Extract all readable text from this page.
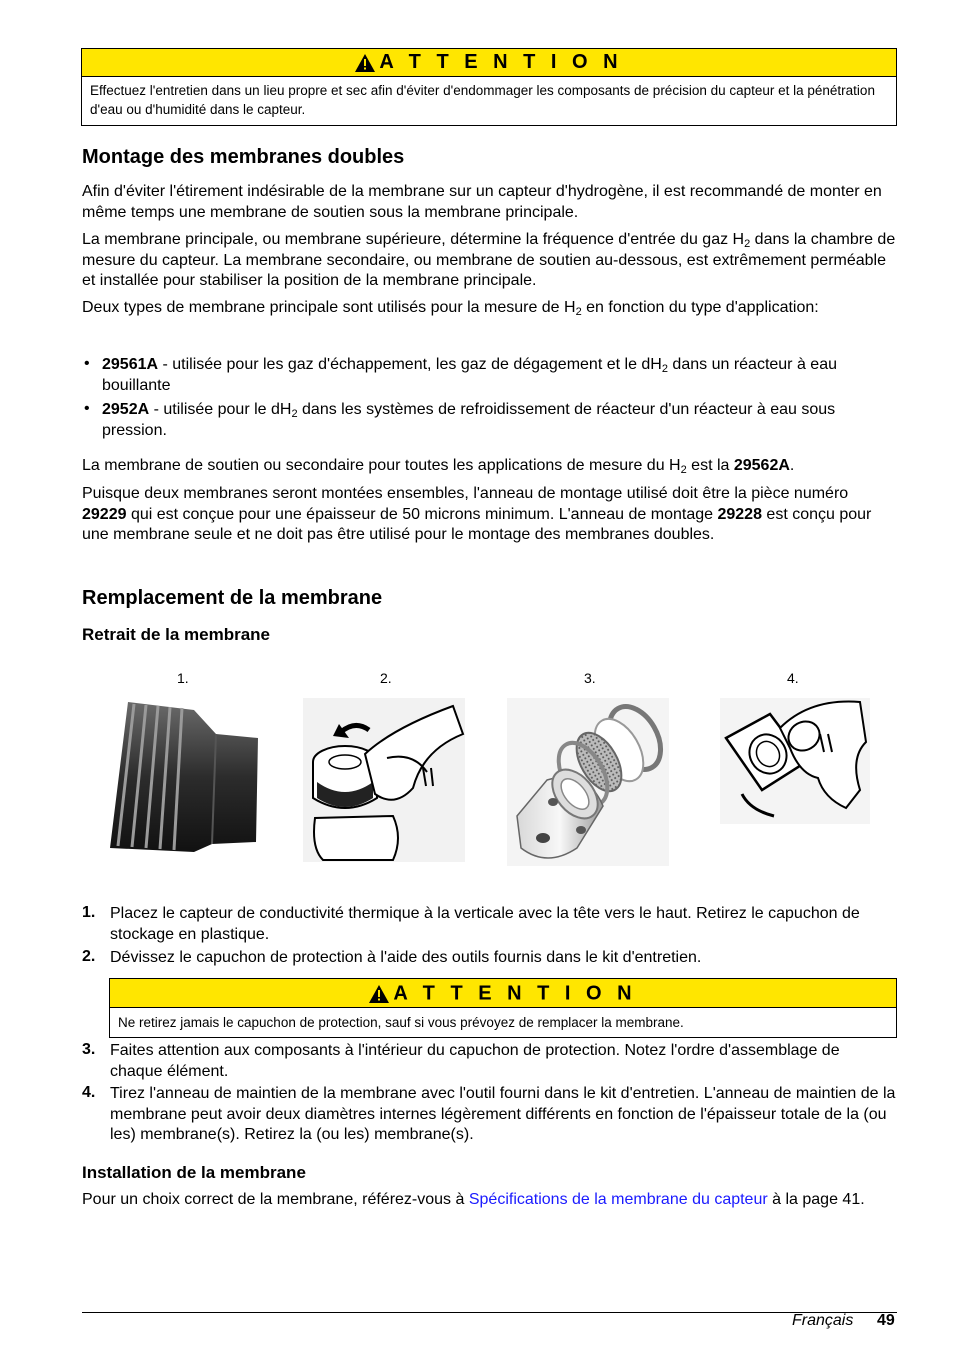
A T T E N T I O N
Effectuez l'entretien dans un lieu propre et sec afin d'éviter d'endommager les composants de précision du capteur et la pénétration d'eau ou d'humidité dans le capteur.
Montage des membranes doubles

Afin d'éviter l'étirement indésirable de la membrane sur un capteur d'hydrogène, il est recommandé de monter en même temps une membrane de soutien sous la membrane principale.

La membrane principale, ou membrane supérieure, détermine la fréquence d'entrée du gaz $H_2$ dans la chambre de mesure du capteur. La membrane secondaire, ou membrane de soutien au-dessous, est extrêmement perméable et installée pour stabiliser la position de la membrane principale.

Deux types de membrane principale sont utilisés pour la mesure de $H_2$ en fonction du type d'application:

• 29561A - utilisée pour les gaz d'échappement, les gaz de dégagement et le $dH_2$ dans un réacteur à eau bouillante

• 2952A - utilisée pour le $dH_2$ dans les systèmes de refroidissement de réacteur d'un réacteur à eau sous pression.

La membrane de soutien ou secondaire pour toutes les applications de mesure du $H_2$ est la 29562A.

Puisque deux membranes seront montées ensembles, l'anneau de montage utilisé doit être la pièce numéro 29229 qui est conçue pour une épaisseur de 50 microns minimum. L'anneau de montage 29228 est conçu pour une membrane seule et ne doit pas être utilisé pour le montage des membranes doubles.

Remplacement de la membrane
Retrait de la membrane
1.	2.	3.	4.
1. Placez le capteur de conductivité thermique à la verticale avec la tête vers le haut. Retirez le capuchon de stockage en plastique.

2. Dévissez le capuchon de protection à l'aide des outils fournis dans le kit d'entretien.

A T T E N T I O N
Ne retirez jamais le capuchon de protection, sauf si vous prévoyez de remplacer la membrane.
3. Faites attention aux composants à l'intérieur du capuchon de protection. Notez l'ordre d'assemblage de chaque élément.

4. Tirez l'anneau de maintien de la membrane avec l'outil fourni dans le kit d'entretien. L'anneau de maintien de la membrane peut avoir deux diamètres internes légèrement différents en fonction de l'épaisseur totale de la (ou les) membrane(s). Retirez la (ou les) membrane(s).

Installation de la membrane

Pour un choix correct de la membrane, référez-vous à Spécifications de la membrane du capteur à la page 41.

Français 49
